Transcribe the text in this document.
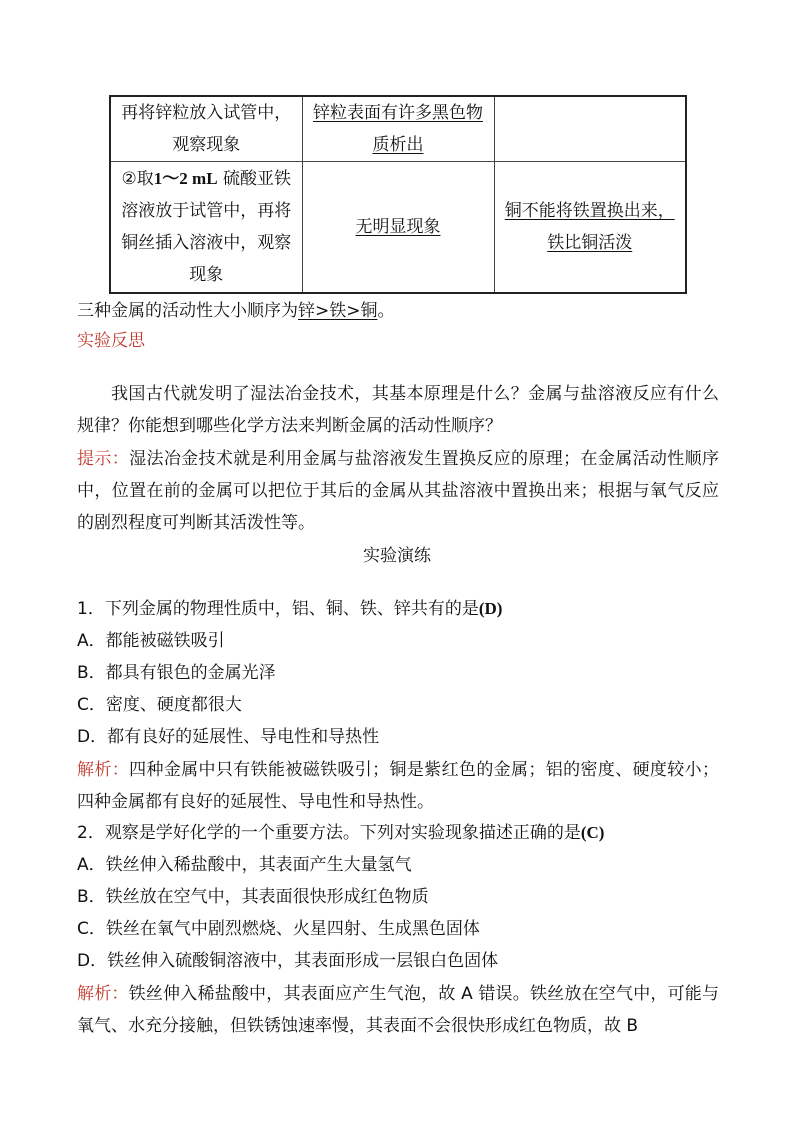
再将锌粒放入试管中，观察现象	锌粒表面有许多黑色物质析出	
②取1～2 mL 硫酸亚铁溶液放于试管中，再将铜丝插入溶液中，观察现象	无明显现象	铜不能将铁置换出来，铁比铜活泼
三种金属的活动性大小顺序为锌>铁>铜。
实验反思
我国古代就发明了湿法冶金技术，其基本原理是什么？金属与盐溶液反应有什么规律？你能想到哪些化学方法来判断金属的活动性顺序？
提示：湿法冶金技术就是利用金属与盐溶液发生置换反应的原理；在金属活动性顺序中，位置在前的金属可以把位于其后的金属从其盐溶液中置换出来；根据与氧气反应的剧烈程度可判断其活泼性等。
实验演练
1．下列金属的物理性质中，铝、铜、铁、锌共有的是(D)
A．都能被磁铁吸引
B．都具有银色的金属光泽
C．密度、硬度都很大
D．都有良好的延展性、导电性和导热性
解析：四种金属中只有铁能被磁铁吸引；铜是紫红色的金属；铝的密度、硬度较小；四种金属都有良好的延展性、导电性和导热性。
2．观察是学好化学的一个重要方法。下列对实验现象描述正确的是(C)
A．铁丝伸入稀盐酸中，其表面产生大量氢气
B．铁丝放在空气中，其表面很快形成红色物质
C．铁丝在氧气中剧烈燃烧、火星四射、生成黑色固体
D．铁丝伸入硫酸铜溶液中，其表面形成一层银白色固体
解析：铁丝伸入稀盐酸中，其表面应产生气泡，故 A 错误。铁丝放在空气中，可能与氧气、水充分接触，但铁锈蚀速率慢，其表面不会很快形成红色物质，故 B
